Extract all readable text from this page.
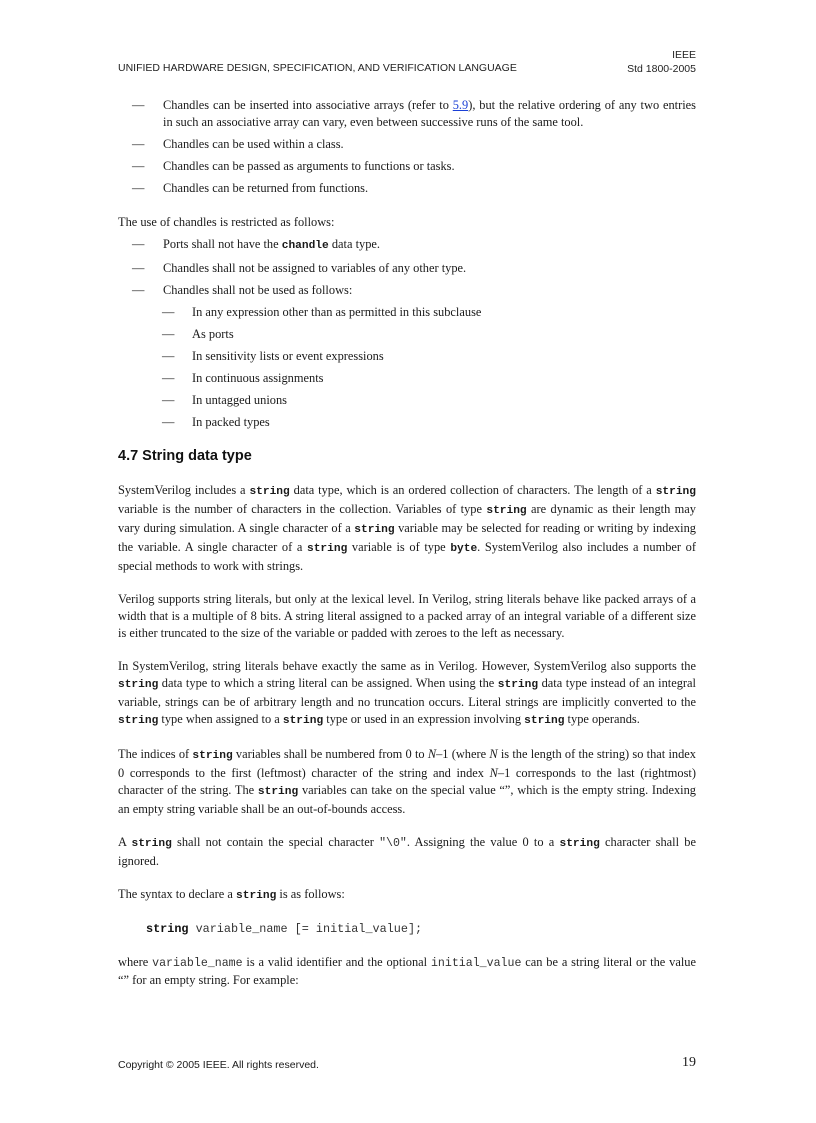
UNIFIED HARDWARE DESIGN, SPECIFICATION, AND VERIFICATION LANGUAGE
IEEE
Std 1800-2005
— Chandles can be inserted into associative arrays (refer to 5.9), but the relative ordering of any two entries in such an associative array can vary, even between successive runs of the same tool.
— Chandles can be used within a class.
— Chandles can be passed as arguments to functions or tasks.
— Chandles can be returned from functions.
The use of chandles is restricted as follows:
— Ports shall not have the chandle data type.
— Chandles shall not be assigned to variables of any other type.
— Chandles shall not be used as follows:
— In any expression other than as permitted in this subclause
— As ports
— In sensitivity lists or event expressions
— In continuous assignments
— In untagged unions
— In packed types
4.7 String data type

SystemVerilog includes a string data type, which is an ordered collection of characters. The length of a string variable is the number of characters in the collection. Variables of type string are dynamic as their length may vary during simulation. A single character of a string variable may be selected for reading or writing by indexing the variable. A single character of a string variable is of type byte. SystemVerilog also includes a number of special methods to work with strings.

Verilog supports string literals, but only at the lexical level. In Verilog, string literals behave like packed arrays of a width that is a multiple of 8 bits. A string literal assigned to a packed array of an integral variable of a different size is either truncated to the size of the variable or padded with zeroes to the left as necessary.

In SystemVerilog, string literals behave exactly the same as in Verilog. However, SystemVerilog also supports the string data type to which a string literal can be assigned. When using the string data type instead of an integral variable, strings can be of arbitrary length and no truncation occurs. Literal strings are implicitly converted to the string type when assigned to a string type or used in an expression involving string type operands.

The indices of string variables shall be numbered from 0 to N–1 (where N is the length of the string) so that index 0 corresponds to the first (leftmost) character of the string and index N–1 corresponds to the last (rightmost) character of the string. The string variables can take on the special value “”, which is the empty string. Indexing an empty string variable shall be an out-of-bounds access.

A string shall not contain the special character "\0". Assigning the value 0 to a string character shall be ignored.

The syntax to declare a string is as follows:

string variable_name [= initial_value];

where variable_name is a valid identifier and the optional initial_value can be a string literal or the value “” for an empty string. For example:

Copyright © 2005 IEEE. All rights reserved.	19
